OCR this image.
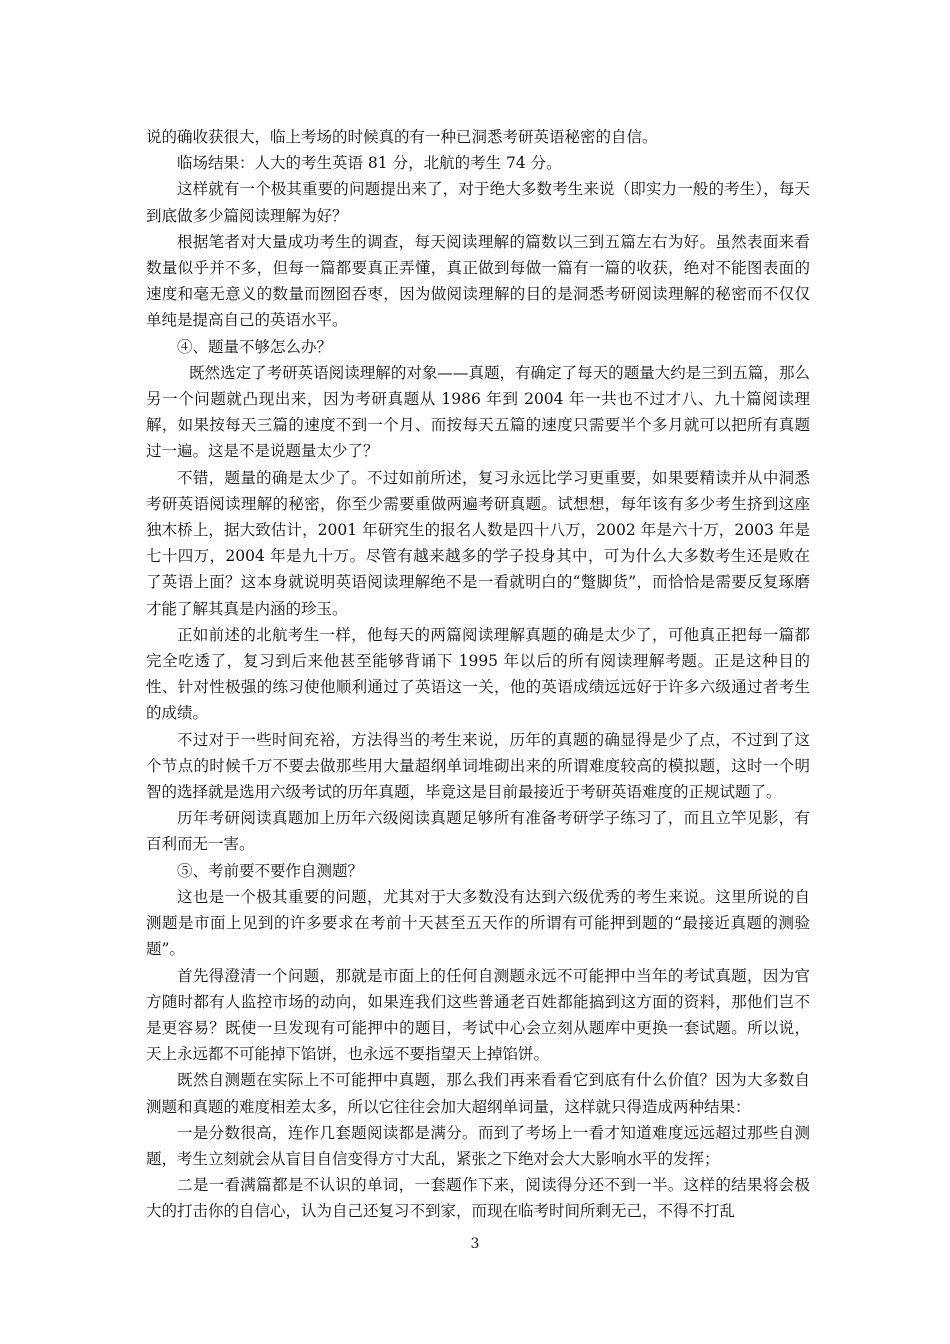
说的确收获很大，临上考场的时候真的有一种已洞悉考研英语秘密的自信。

临场结果：人大的考生英语 81 分，北航的考生 74 分。

这样就有一个极其重要的问题提出来了，对于绝大多数考生来说（即实力一般的考生），每天到底做多少篇阅读理解为好？

根据笔者对大量成功考生的调查，每天阅读理解的篇数以三到五篇左右为好。虽然表面来看数量似乎并不多，但每一篇都要真正弄懂，真正做到每做一篇有一篇的收获，绝对不能图表面的速度和毫无意义的数量而囫囵吞枣，因为做阅读理解的目的是洞悉考研阅读理解的秘密而不仅仅单纯是提高自己的英语水平。

④、题量不够怎么办？

既然选定了考研英语阅读理解的对象——真题，有确定了每天的题量大约是三到五篇，那么另一个问题就凸现出来，因为考研真题从 1986 年到 2004 年一共也不过才八、九十篇阅读理解，如果按每天三篇的速度不到一个月、而按每天五篇的速度只需要半个多月就可以把所有真题过一遍。这是不是说题量太少了？

不错，题量的确是太少了。不过如前所述，复习永远比学习更重要，如果要精读并从中洞悉考研英语阅读理解的秘密，你至少需要重做两遍考研真题。试想想，每年该有多少考生挤到这座独木桥上，据大致估计，2001 年研究生的报名人数是四十八万，2002 年是六十万，2003 年是七十四万，2004 年是九十万。尽管有越来越多的学子投身其中，可为什么大多数考生还是败在了英语上面？这本身就说明英语阅读理解绝不是一看就明白的“蹩脚货”，而恰恰是需要反复琢磨才能了解其真是内涵的珍玉。

正如前述的北航考生一样，他每天的两篇阅读理解真题的确是太少了，可他真正把每一篇都完全吃透了，复习到后来他甚至能够背诵下 1995 年以后的所有阅读理解考题。正是这种目的性、针对性极强的练习使他顺利通过了英语这一关，他的英语成绩远远好于许多六级通过者考生的成绩。

不过对于一些时间充裕，方法得当的考生来说，历年的真题的确显得是少了点，不过到了这个节点的时候千万不要去做那些用大量超纲单词堆砌出来的所谓难度较高的模拟题，这时一个明智的选择就是选用六级考试的历年真题，毕竟这是目前最接近于考研英语难度的正规试题了。

历年考研阅读真题加上历年六级阅读真题足够所有准备考研学子练习了，而且立竿见影，有百利而无一害。

⑤、考前要不要作自测题？

这也是一个极其重要的问题，尤其对于大多数没有达到六级优秀的考生来说。这里所说的自测题是市面上见到的许多要求在考前十天甚至五天作的所谓有可能押到题的“最接近真题的测验题”。

首先得澄清一个问题，那就是市面上的任何自测题永远不可能押中当年的考试真题，因为官方随时都有人监控市场的动向，如果连我们这些普通老百姓都能搞到这方面的资料，那他们岂不是更容易？既使一旦发现有可能押中的题目，考试中心会立刻从题库中更换一套试题。所以说，天上永远都不可能掉下馅饼，也永远不要指望天上掉馅饼。

既然自测题在实际上不可能押中真题，那么我们再来看看它到底有什么价值？因为大多数自测题和真题的难度相差太多，所以它往往会加大超纲单词量，这样就只得造成两种结果：

一是分数很高，连作几套题阅读都是满分。而到了考场上一看才知道难度远远超过那些自测题，考生立刻就会从盲目自信变得方寸大乱，紧张之下绝对会大大影响水平的发挥；

二是一看满篇都是不认识的单词，一套题作下来，阅读得分还不到一半。这样的结果将会极大的打击你的自信心，认为自己还复习不到家，而现在临考时间所剩无己，不得不打乱

3
